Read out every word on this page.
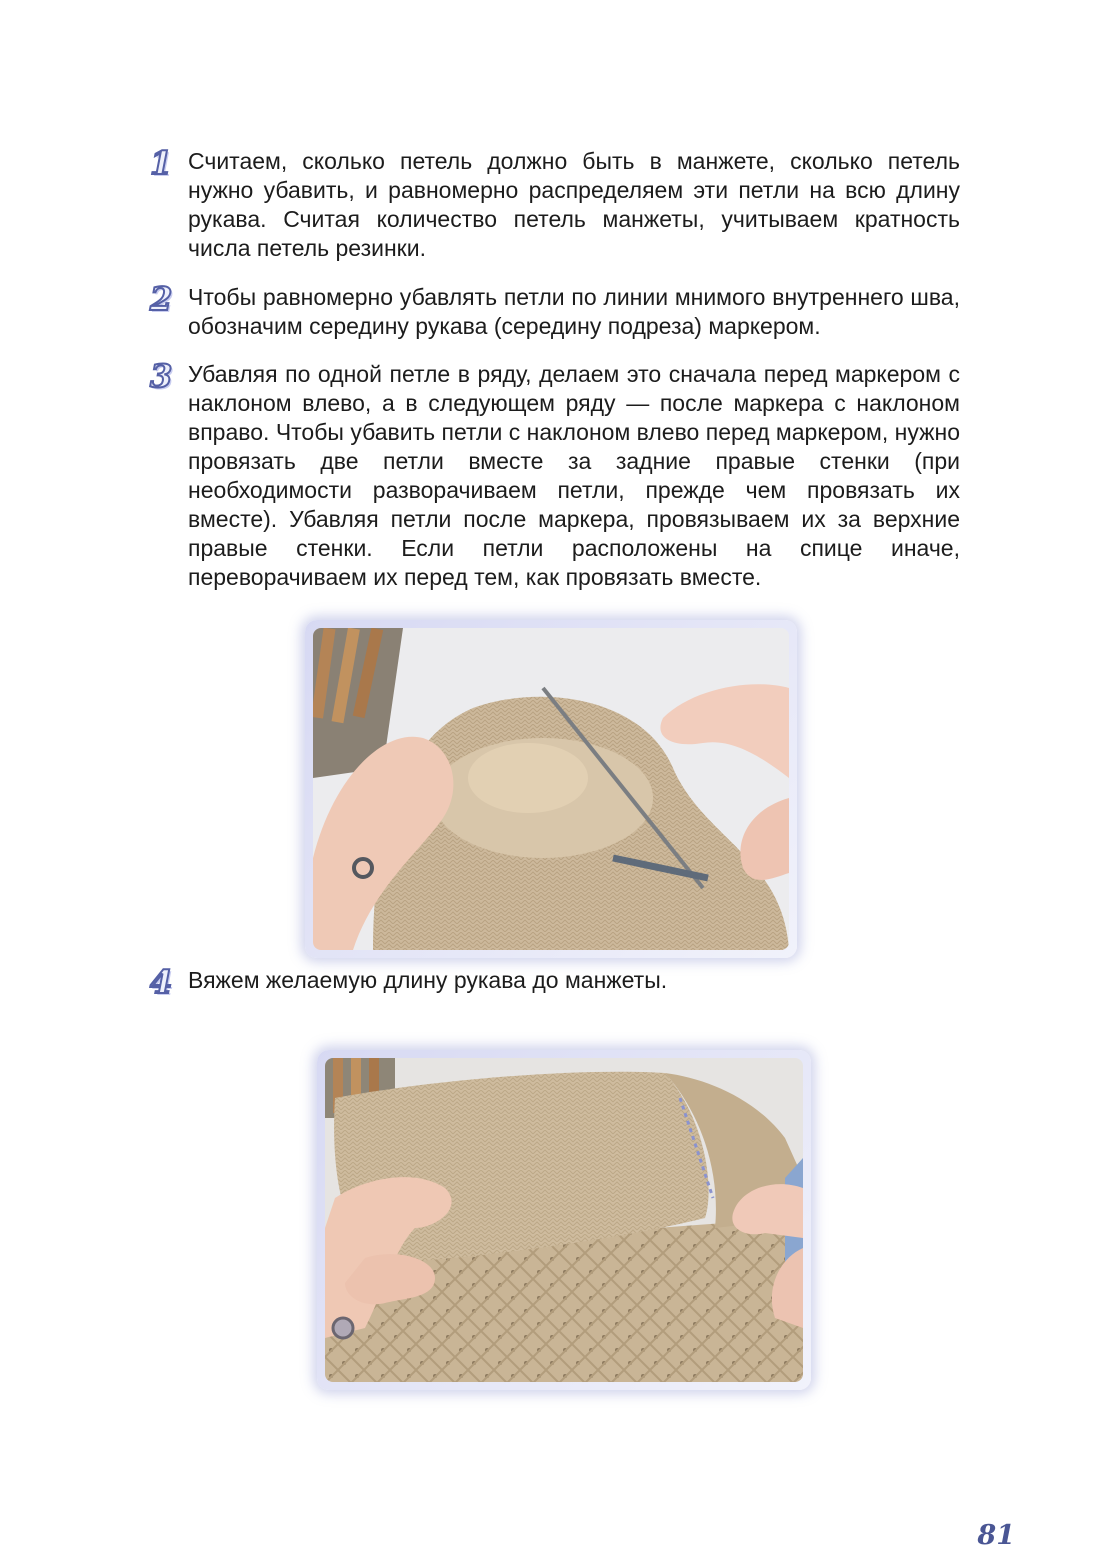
1 Считаем, сколько петель должно быть в манжете, сколько петель нужно убавить, и равномерно распределяем эти петли на всю длину рукава. Считая количество петель манжеты, учитываем кратность числа петель резинки.
2 Чтобы равномерно убавлять петли по линии мнимого внутреннего шва, обозначим середину рукава (середину подреза) маркером.
3 Убавляя по одной петле в ряду, делаем это сначала перед маркером с наклоном влево, а в следующем ряду — после маркера с наклоном вправо. Чтобы убавить петли с наклоном влево перед маркером, нужно провязать две петли вместе за задние правые стенки (при необходимости разворачиваем петли, прежде чем провязать их вместе). Убавляя петли после маркера, провязываем их за верхние правые стенки. Если петли расположены на спице иначе, переворачиваем их перед тем, как провязать вместе.
4 Вяжем желаемую длину рукава до манжеты.
81
